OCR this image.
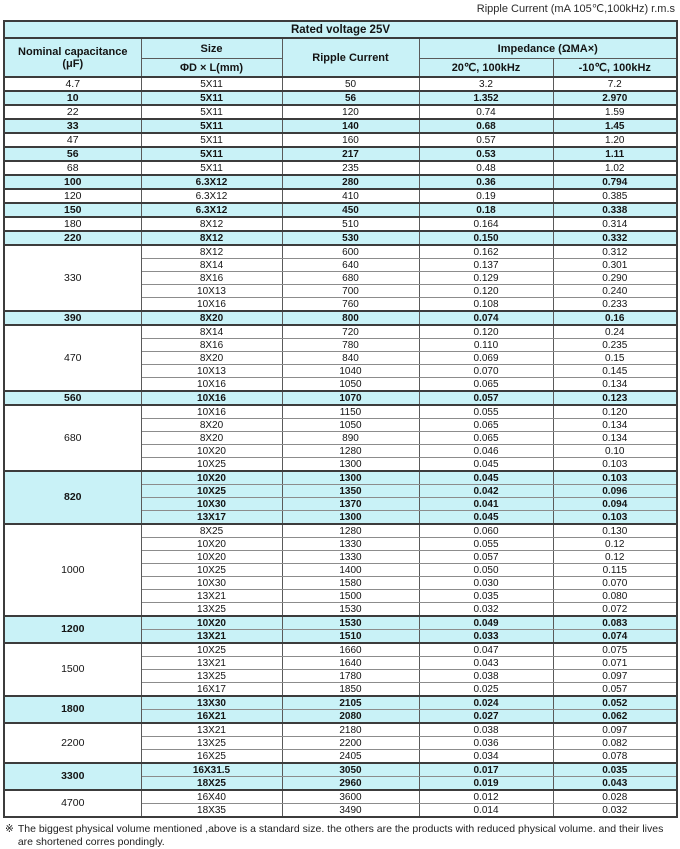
Ripple Current (mA 105℃,100kHz) r.m.s
Rated voltage 25V				

Nominal capacitance
(μF)	Size	Ripple Current	Impedance (ΩMA×)	
	ΦD × L(mm)		20℃, 100kHz	-10℃, 100kHz
4.7	5X11	50	3.2	7.2
10	5X11	56	1.352	2.970
22	5X11	120	0.74	1.59
33	5X11	140	0.68	1.45
47	5X11	160	0.57	1.20
56	5X11	217	0.53	1.11
68	5X11	235	0.48	1.02
100	6.3X12	280	0.36	0.794
120	6.3X12	410	0.19	0.385
150	6.3X12	450	0.18	0.338
180	8X12	510	0.164	0.314
220	8X12	530	0.150	0.332
330	8X12	600	0.162	0.312
	8X14	640	0.137	0.301
	8X16	680	0.129	0.290
	10X13	700	0.120	0.240
	10X16	760	0.108	0.233
390	8X20	800	0.074	0.16
470	8X14	720	0.120	0.24
	8X16	780	0.110	0.235
	8X20	840	0.069	0.15
	10X13	1040	0.070	0.145
	10X16	1050	0.065	0.134
560	10X16	1070	0.057	0.123
680	10X16	1150	0.055	0.120
	8X20	1050	0.065	0.134
	8X20	890	0.065	0.134
	10X20	1280	0.046	0.10
	10X25	1300	0.045	0.103
820	10X20	1300	0.045	0.103
	10X25	1350	0.042	0.096
	10X30	1370	0.041	0.094
	13X17	1300	0.045	0.103
1000	8X25	1280	0.060	0.130
	10X20	1330	0.055	0.12
	10X20	1330	0.057	0.12
	10X25	1400	0.050	0.115
	10X30	1580	0.030	0.070
	13X21	1500	0.035	0.080
	13X25	1530	0.032	0.072
1200	10X20	1530	0.049	0.083
	13X21	1510	0.033	0.074
1500	10X25	1660	0.047	0.075
	13X21	1640	0.043	0.071
	13X25	1780	0.038	0.097
	16X17	1850	0.025	0.057
1800	13X30	2105	0.024	0.052
	16X21	2080	0.027	0.062
2200	13X21	2180	0.038	0.097
	13X25	2200	0.036	0.082
	16X25	2405	0.034	0.078
3300	16X31.5	3050	0.017	0.035
	18X25	2960	0.019	0.043
4700	16X40	3600	0.012	0.028
	18X35	3490	0.014	0.032
※ The biggest physical volume mentioned ,above is a standard size. the others are the products with reduced physical volume. and their lives are shortened corres pondingly.
